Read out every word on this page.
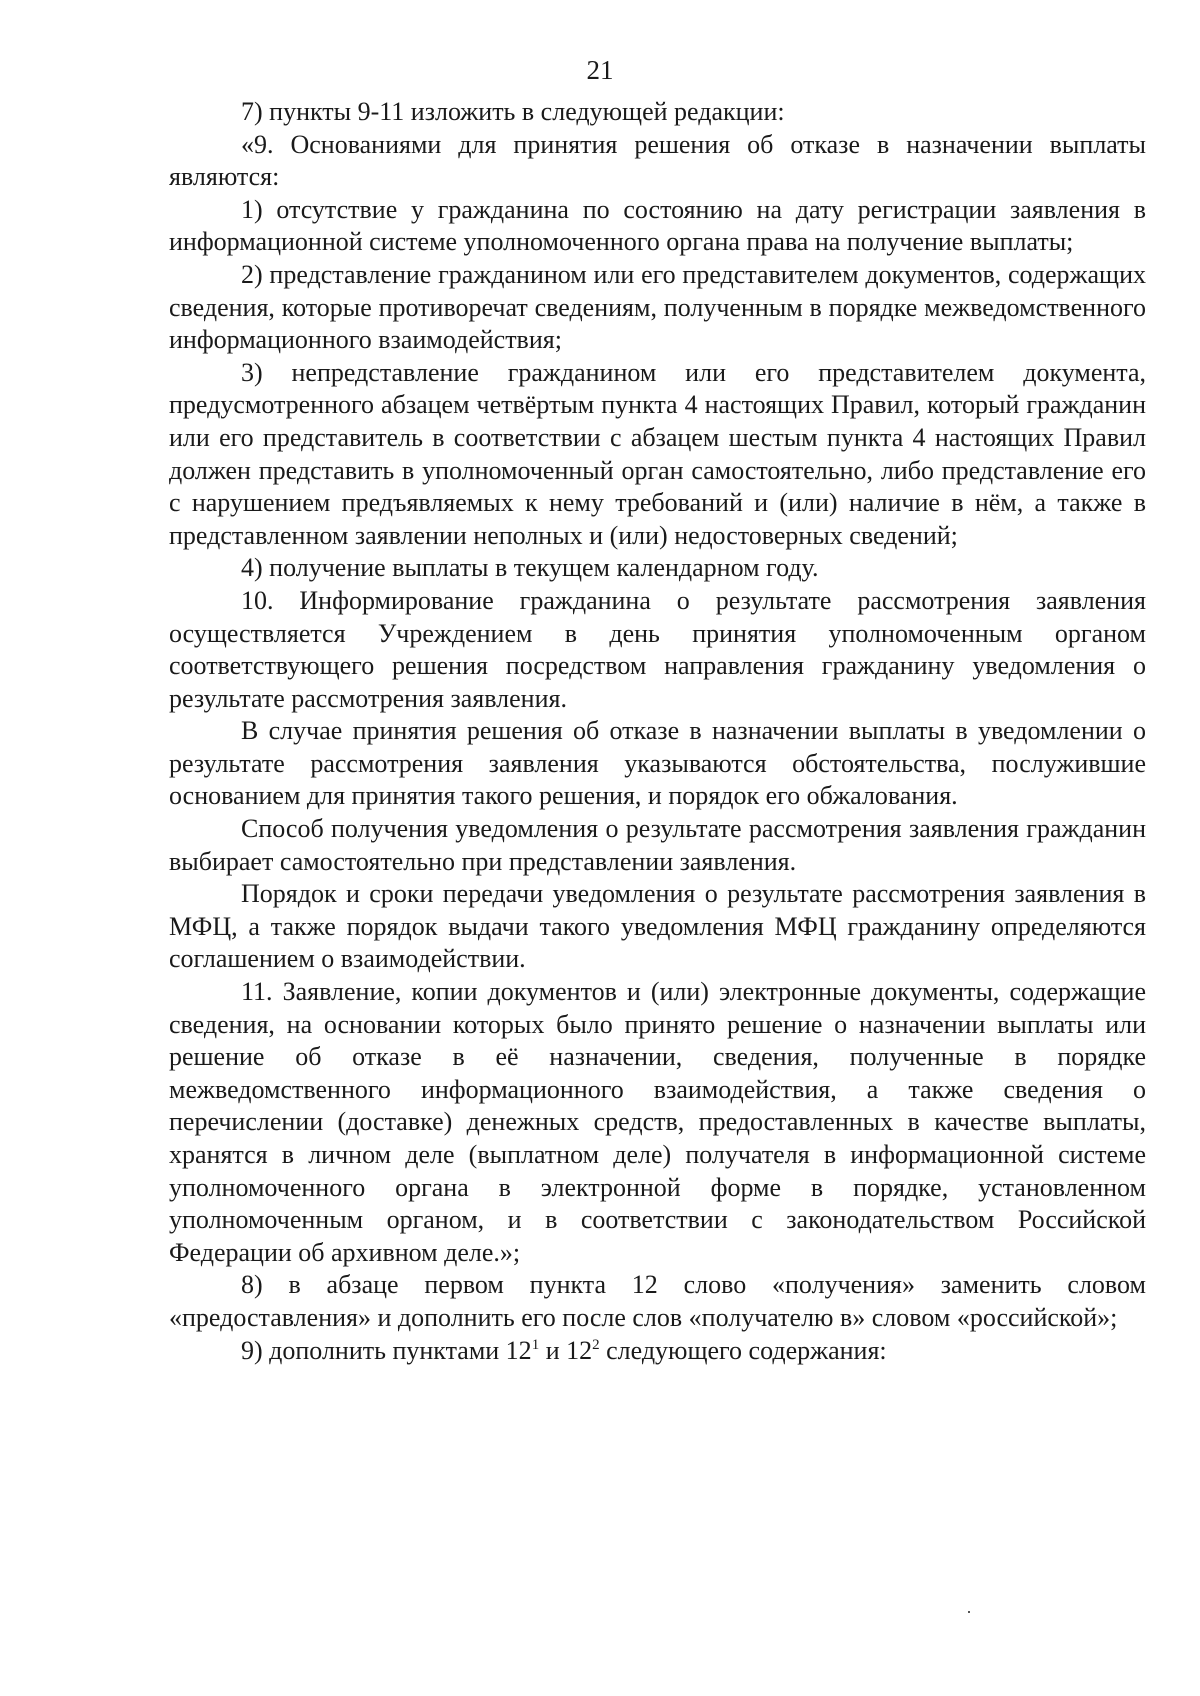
21

7) пункты 9-11 изложить в следующей редакции:

«9. Основаниями для принятия решения об отказе в назначении выплаты являются:

1) отсутствие у гражданина по состоянию на дату регистрации заявления в информационной системе уполномоченного органа права на получение выплаты;

2) представление гражданином или его представителем документов, содержащих сведения, которые противоречат сведениям, полученным в порядке межведомственного информационного взаимодействия;

3) непредставление гражданином или его представителем документа, предусмотренного абзацем четвёртым пункта 4 настоящих Правил, который гражданин или его представитель в соответствии с абзацем шестым пункта 4 настоящих Правил должен представить в уполномоченный орган самостоятельно, либо представление его с нарушением предъявляемых к нему требований и (или) наличие в нём, а также в представленном заявлении неполных и (или) недостоверных сведений;

4) получение выплаты в текущем календарном году.

10. Информирование гражданина о результате рассмотрения заявления осуществляется Учреждением в день принятия уполномоченным органом соответствующего решения посредством направления гражданину уведомления о результате рассмотрения заявления.

В случае принятия решения об отказе в назначении выплаты в уведомлении о результате рассмотрения заявления указываются обстоятельства, послужившие основанием для принятия такого решения, и порядок его обжалования.

Способ получения уведомления о результате рассмотрения заявления гражданин выбирает самостоятельно при представлении заявления.

Порядок и сроки передачи уведомления о результате рассмотрения заявления в МФЦ, а также порядок выдачи такого уведомления МФЦ гражданину определяются соглашением о взаимодействии.

11. Заявление, копии документов и (или) электронные документы, содержащие сведения, на основании которых было принято решение о назначении выплаты или решение об отказе в её назначении, сведения, полученные в порядке межведомственного информационного взаимодействия, а также сведения о перечислении (доставке) денежных средств, предоставленных в качестве выплаты, хранятся в личном деле (выплатном деле) получателя в информационной системе уполномоченного органа в электронной форме в порядке, установленном уполномоченным органом, и в соответствии с законодательством Российской Федерации об архивном деле.»;

8) в абзаце первом пункта 12 слово «получения» заменить словом «предоставления» и дополнить его после слов «получателю в» словом «российской»;

9) дополнить пунктами $12^1$ и $12^2$ следующего содержания:
